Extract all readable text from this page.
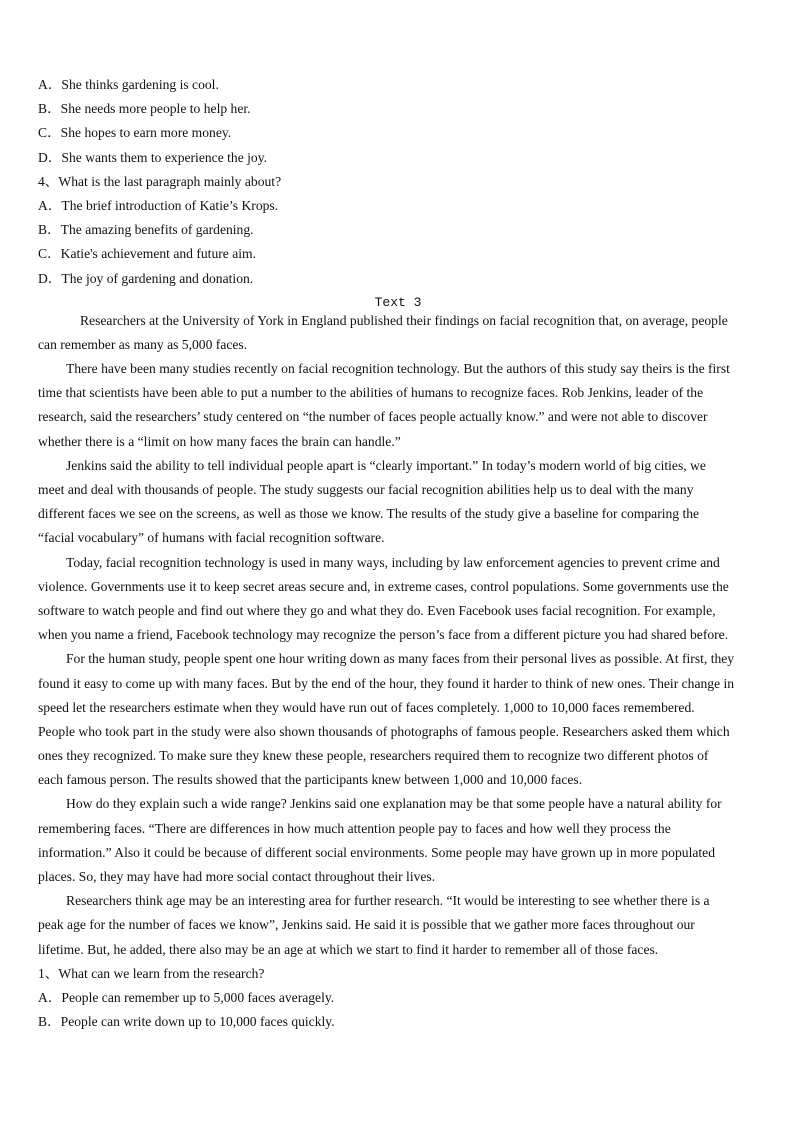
A．She thinks gardening is cool.
B．She needs more people to help her.
C．She hopes to earn more money.
D．She wants them to experience the joy.
4、What is the last paragraph mainly about?
A．The brief introduction of Katie’s Krops.
B．The amazing benefits of gardening.
C．Katie's achievement and future aim.
D．The joy of gardening and donation.
Text 3
Researchers at the University of York in England published their findings on facial recognition that, on average, people
can remember as many as 5,000 faces.
There have been many studies recently on facial recognition technology. But the authors of this study say theirs is the first
time that scientists have been able to put a number to the abilities of humans to recognize faces. Rob Jenkins, leader of the
research, said the researchers’ study centered on “the number of faces people actually know.” and were not able to discover
whether there is a “limit on how many faces the brain can handle.”
Jenkins said the ability to tell individual people apart is “clearly important.” In today’s modern world of big cities, we
meet and deal with thousands of people. The study suggests our facial recognition abilities help us to deal with the many
different faces we see on the screens, as well as those we know. The results of the study give a baseline for comparing the
“facial vocabulary” of humans with facial recognition software.
Today, facial recognition technology is used in many ways, including by law enforcement agencies to prevent crime and
violence. Governments use it to keep secret areas secure and, in extreme cases, control populations. Some governments use the
software to watch people and find out where they go and what they do. Even Facebook uses facial recognition. For example,
when you name a friend, Facebook technology may recognize the person’s face from a different picture you had shared before.
For the human study, people spent one hour writing down as many faces from their personal lives as possible. At first, they
found it easy to come up with many faces. But by the end of the hour, they found it harder to think of new ones. Their change in
speed let the researchers estimate when they would have run out of faces completely. 1,000 to 10,000 faces remembered.
People who took part in the study were also shown thousands of photographs of famous people. Researchers asked them which
ones they recognized. To make sure they knew these people, researchers required them to recognize two different photos of
each famous person. The results showed that the participants knew between 1,000 and 10,000 faces.
How do they explain such a wide range? Jenkins said one explanation may be that some people have a natural ability for
remembering faces. “There are differences in how much attention people pay to faces and how well they process the
information.” Also it could be because of different social environments. Some people may have grown up in more populated
places. So, they may have had more social contact throughout their lives.
Researchers think age may be an interesting area for further research. “It would be interesting to see whether there is a
peak age for the number of faces we know”, Jenkins said. He said it is possible that we gather more faces throughout our
lifetime. But, he added, there also may be an age at which we start to find it harder to remember all of those faces.
1、What can we learn from the research?
A．People can remember up to 5,000 faces averagely.
B．People can write down up to 10,000 faces quickly.
